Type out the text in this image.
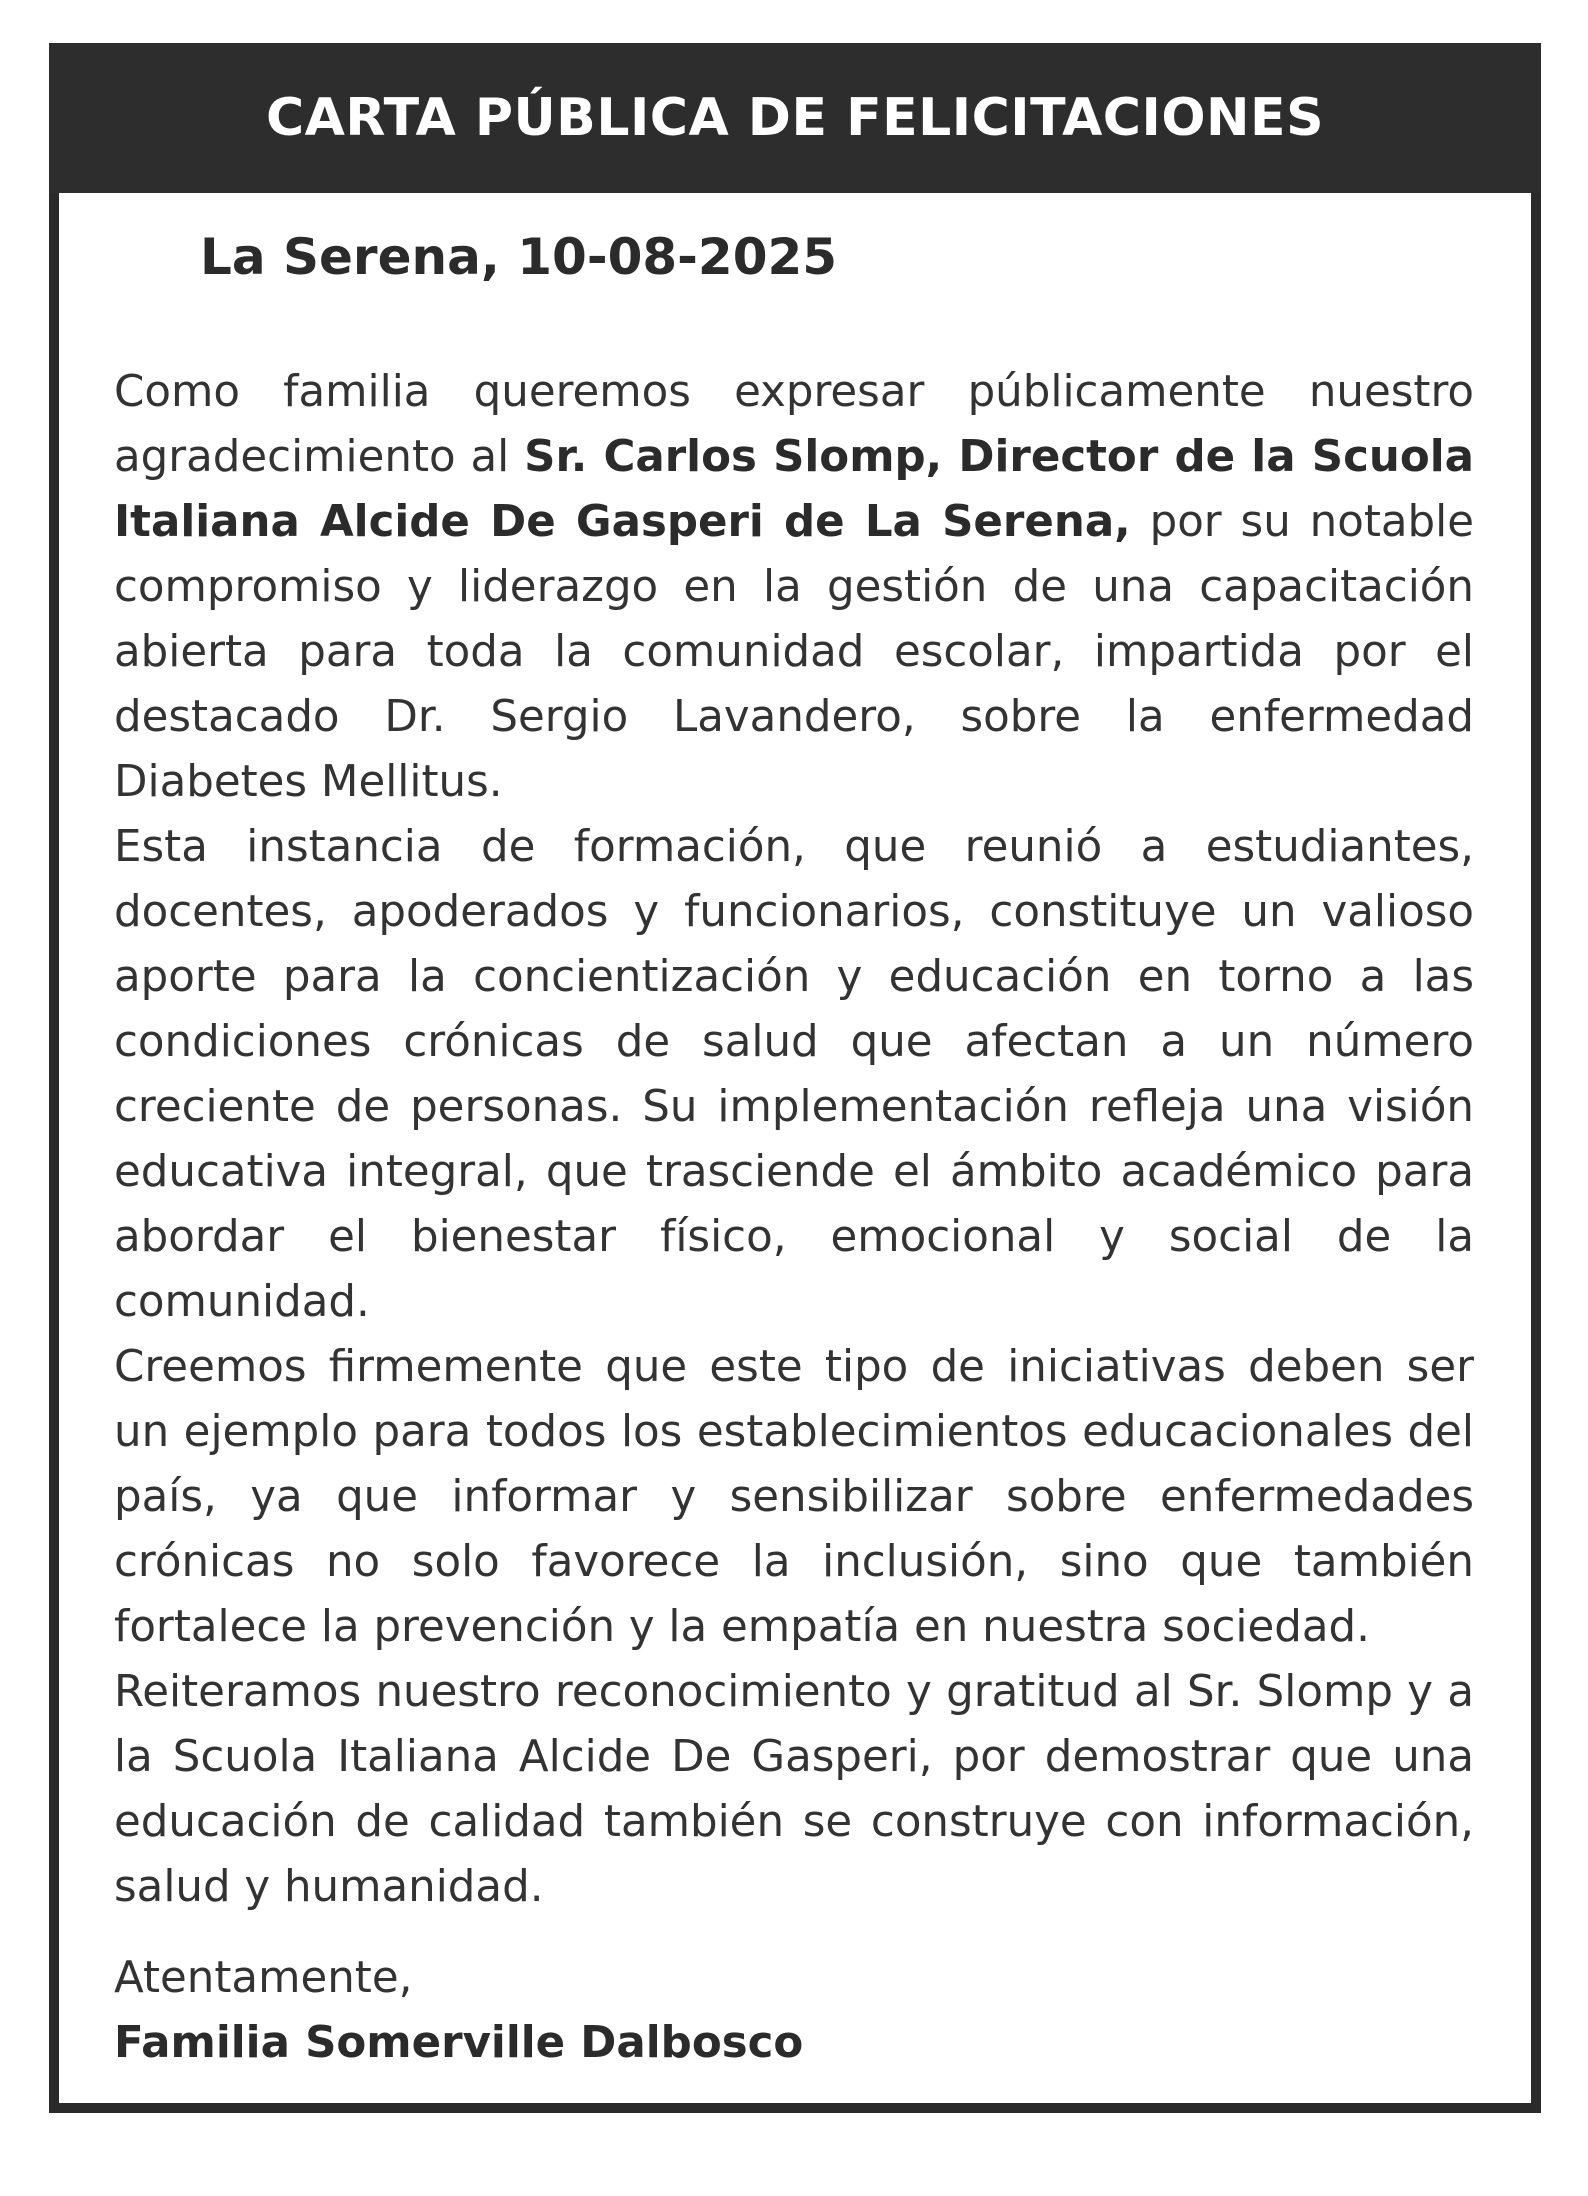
CARTA PÚBLICA DE FELICITACIONES
La Serena, 10-08-2025

Como familia queremos expresar públicamente nuestro agradecimiento al Sr. Carlos Slomp, Director de la Scuola Italiana Alcide De Gasperi de La Serena, por su notable compromiso y liderazgo en la gestión de una capacitación abierta para toda la comunidad escolar, impartida por el destacado Dr. Sergio Lavandero, sobre la enfermedad Diabetes Mellitus.

Esta instancia de formación, que reunió a estudiantes, docentes, apoderados y funcionarios, constituye un valioso aporte para la concientización y educación en torno a las condiciones crónicas de salud que afectan a un número creciente de personas. Su implementación refleja una visión educativa integral, que trasciende el ámbito académico para abordar el bienestar físico, emocional y social de la comunidad.

Creemos firmemente que este tipo de iniciativas deben ser un ejemplo para todos los establecimientos educacionales del país, ya que informar y sensibilizar sobre enfermedades crónicas no solo favorece la inclusión, sino que también fortalece la prevención y la empatía en nuestra sociedad.

Reiteramos nuestro reconocimiento y gratitud al Sr. Slomp y a la Scuola Italiana Alcide De Gasperi, por demostrar que una educación de calidad también se construye con información, salud y humanidad.

Atentamente,
Familia Somerville Dalbosco
